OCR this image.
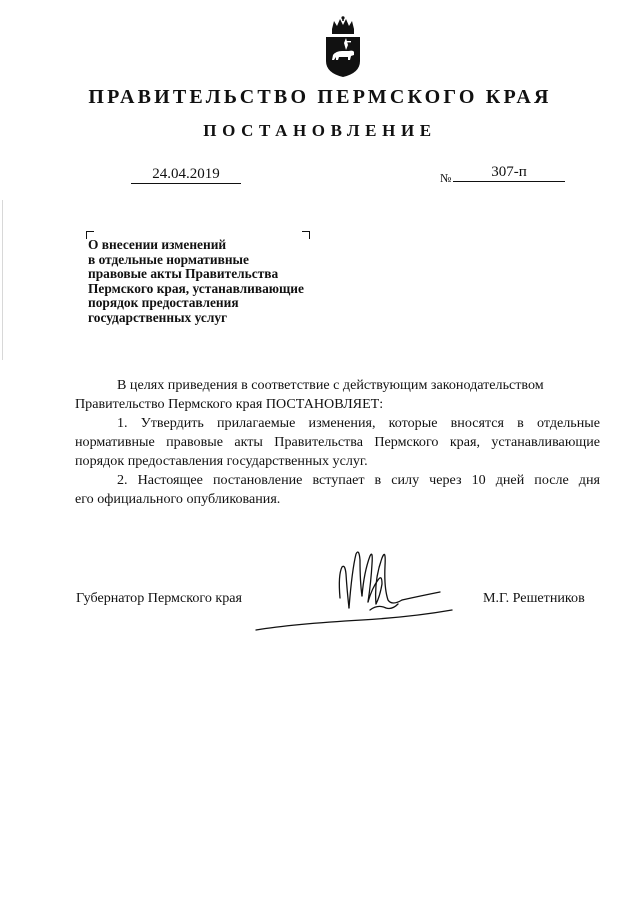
ПРАВИТЕЛЬСТВО ПЕРМСКОГО КРАЯ
ПОСТАНОВЛЕНИЕ
24.04.2019	№	307-п
О внесении изменений
в отдельные нормативные
правовые акты Правительства
Пермского края, устанавливающие
порядок предоставления
государственных услуг
В целях приведения в соответствие с действующим законодательством
Правительство Пермского края ПОСТАНОВЛЯЕТ:
1. Утвердить прилагаемые изменения, которые вносятся в отдельные
нормативные правовые акты Правительства Пермского края, устанавливающие
порядок предоставления государственных услуг.
2. Настоящее постановление вступает в силу через 10 дней после дня
его официального опубликования.
Губернатор Пермского края	М.Г. Решетников
